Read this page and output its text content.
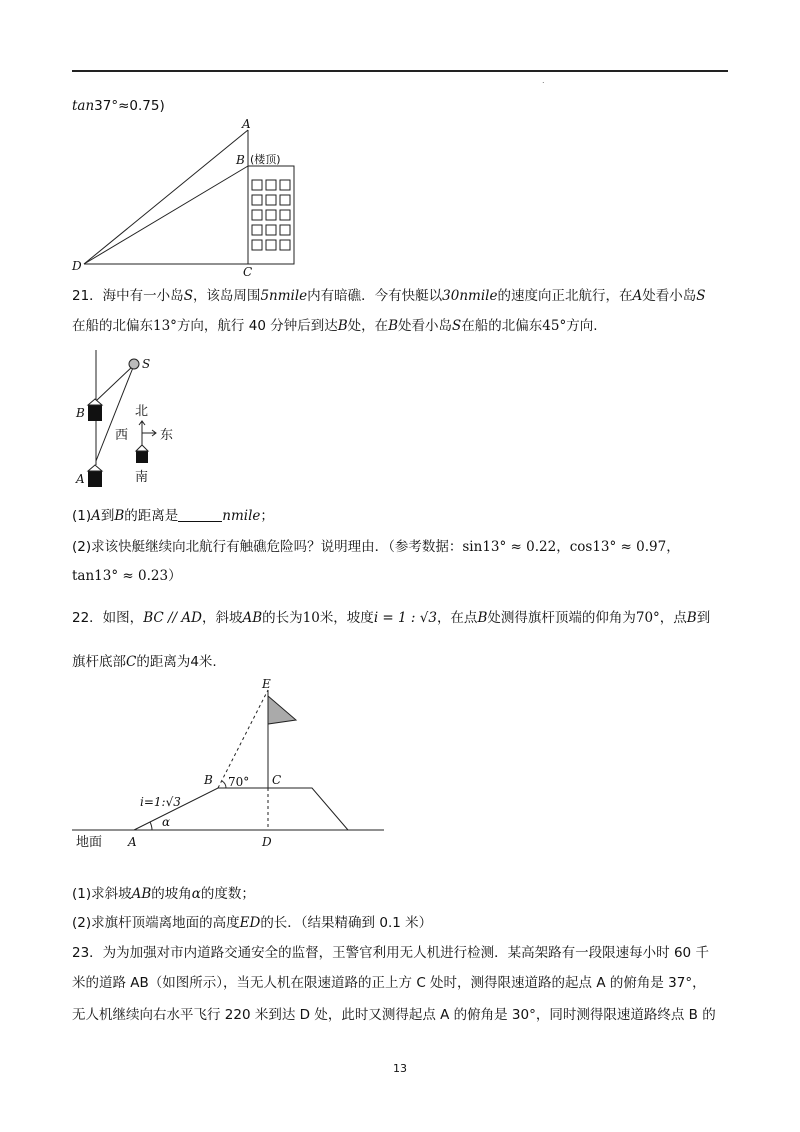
.
tan37°≈0.75)
A
B (楼顶)
C
D
21．海中有一小岛S，该岛周围5nmile内有暗礁．今有快艇以30nmile的速度向正北航行，在A处看小岛S
在船的北偏东13°方向，航行 40 分钟后到达B处，在B处看小岛S在船的北偏东45°方向.
S
B
A
北
西 东
南
(1)A到B的距离是	nmile；
(2)求该快艇继续向北航行有触礁危险吗？说明理由．（参考数据：sin13° ≈ 0.22，cos13° ≈ 0.97，
tan13° ≈ 0.23）
22．如图，BC // AD，斜坡AB的长为10米，坡度i = 1 : √3，在点B处测得旗杆顶端的仰角为70°，点B到
旗杆底部C的距离为4米.
E
B 70° C
i=1:√3
α
A	D
地面
(1)求斜坡AB的坡角α的度数；
(2)求旗杆顶端离地面的高度ED的长．（结果精确到 0.1 米）
23．为为加强对市内道路交通安全的监督，王警官利用无人机进行检测．某高架路有一段限速每小时 60 千
米的道路 AB（如图所示），当无人机在限速道路的正上方 C 处时，测得限速道路的起点 A 的俯角是 37°，
无人机继续向右水平飞行 220 米到达 D 处，此时又测得起点 A 的俯角是 30°，同时测得限速道路终点 B 的
13
